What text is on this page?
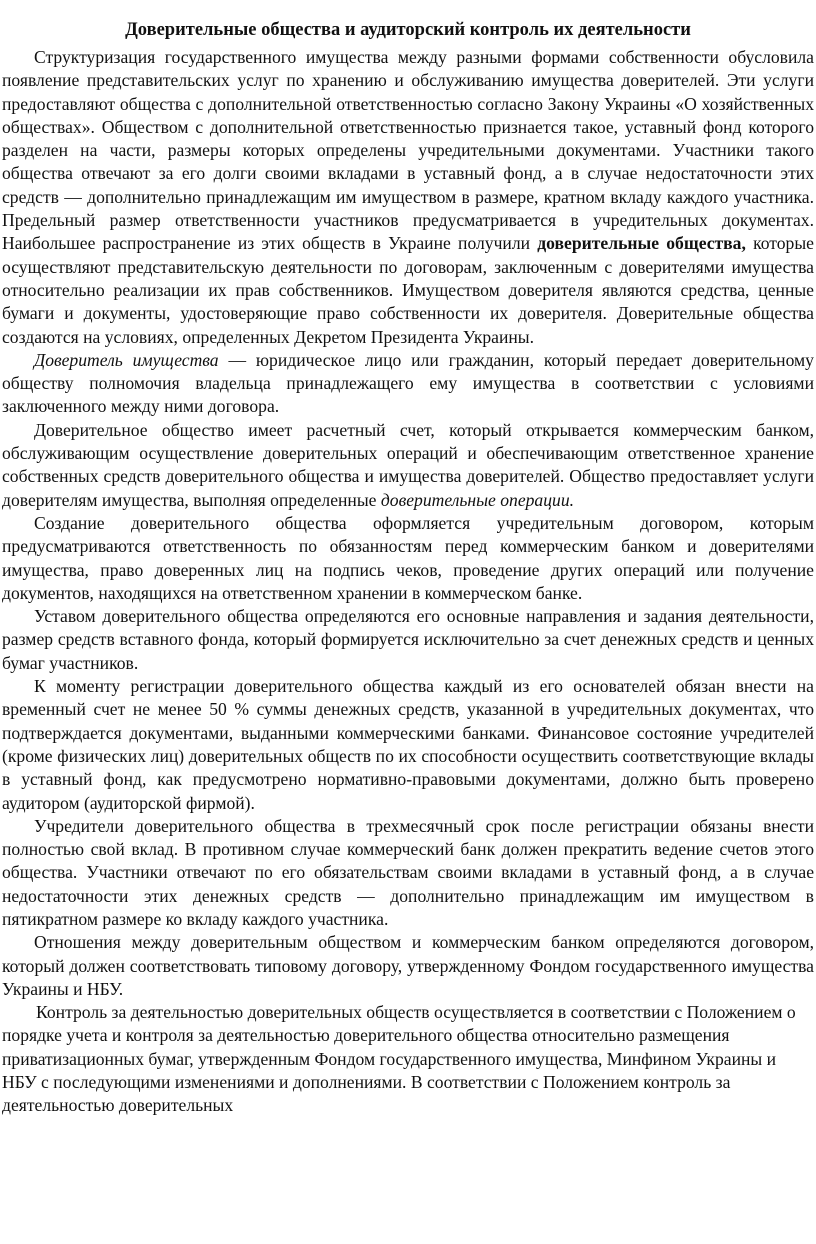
Доверительные общества и аудиторский контроль их деятельности

Структуризация государственного имущества между разными формами собственности обусловила появление представительских услуг по хранению и обслуживанию имущества доверителей. Эти услуги предоставляют общества с дополнительной ответственностью согласно Закону Украины «О хозяйственных обществах». Обществом с дополнительной ответственностью признается такое, уставный фонд которого разделен на части, размеры которых определены учредительными документами. Участники такого общества отвечают за его долги своими вкладами в уставный фонд, а в случае недостаточности этих средств — дополнительно принадлежащим им имуществом в размере, кратном вкладу каждого участника. Предельный размер ответственности участников предусматривается в учредительных документах. Наибольшее распространение из этих обществ в Украине получили доверительные общества, которые осуществляют представительскую деятельности по договорам, заключенным с доверителями имущества относительно реализации их прав собственников. Имуществом доверителя являются средства, ценные бумаги и документы, удостоверяющие право собственности их доверителя. Доверительные общества создаются на условиях, определенных Декретом Президента Украины.

Доверитель имущества — юридическое лицо или гражданин, который передает доверительному обществу полномочия владельца принадлежащего ему имущества в соответствии с условиями заключенного между ними договора.

Доверительное общество имеет расчетный счет, который открывается коммерческим банком, обслуживающим осуществление доверительных операций и обеспечивающим ответственное хранение собственных средств доверительного общества и имущества доверителей. Общество предоставляет услуги доверителям имущества, выполняя определенные доверительные операции.

Создание доверительного общества оформляется учредительным договором, которым предусматриваются ответственность по обязанностям перед коммерческим банком и доверителями имущества, право доверенных лиц на подпись чеков, проведение других операций или получение документов, находящихся на ответственном хранении в коммерческом банке.

Уставом доверительного общества определяются его основные направления и задания деятельности, размер средств вставного фонда, который формируется исключительно за счет денежных средств и ценных бумаг участников.

К моменту регистрации доверительного общества каждый из его основателей обязан внести на временный счет не менее 50 % суммы денежных средств, указанной в учредительных документах, что подтверждается документами, выданными коммерческими банками. Финансовое состояние учредителей (кроме физических лиц) доверительных обществ по их способности осуществить соответствующие вклады в уставный фонд, как предусмотрено нормативно-правовыми документами, должно быть проверено аудитором (аудиторской фирмой).

Учредители доверительного общества в трехмесячный срок после регистрации обязаны внести полностью свой вклад. В противном случае коммерческий банк должен прекратить ведение счетов этого общества. Участники отвечают по его обязательствам своими вкладами в уставный фонд, а в случае недостаточности этих денежных средств — дополнительно принадлежащим им имуществом в пятикратном размере ко вкладу каждого участника.

Отношения между доверительным обществом и коммерческим банком определяются договором, который должен соответствовать типовому договору, утвержденному Фондом государственного имущества Украины и НБУ.

Контроль за деятельностью доверительных обществ осуществляется в соответствии с Положением о порядке учета и контроля за деятельностью доверительного общества относительно размещения приватизационных бумаг, утвержденным Фондом государственного имущества, Минфином Украины и НБУ с последующими изменениями и дополнениями. В соответствии с Положением контроль за деятельностью доверительных
